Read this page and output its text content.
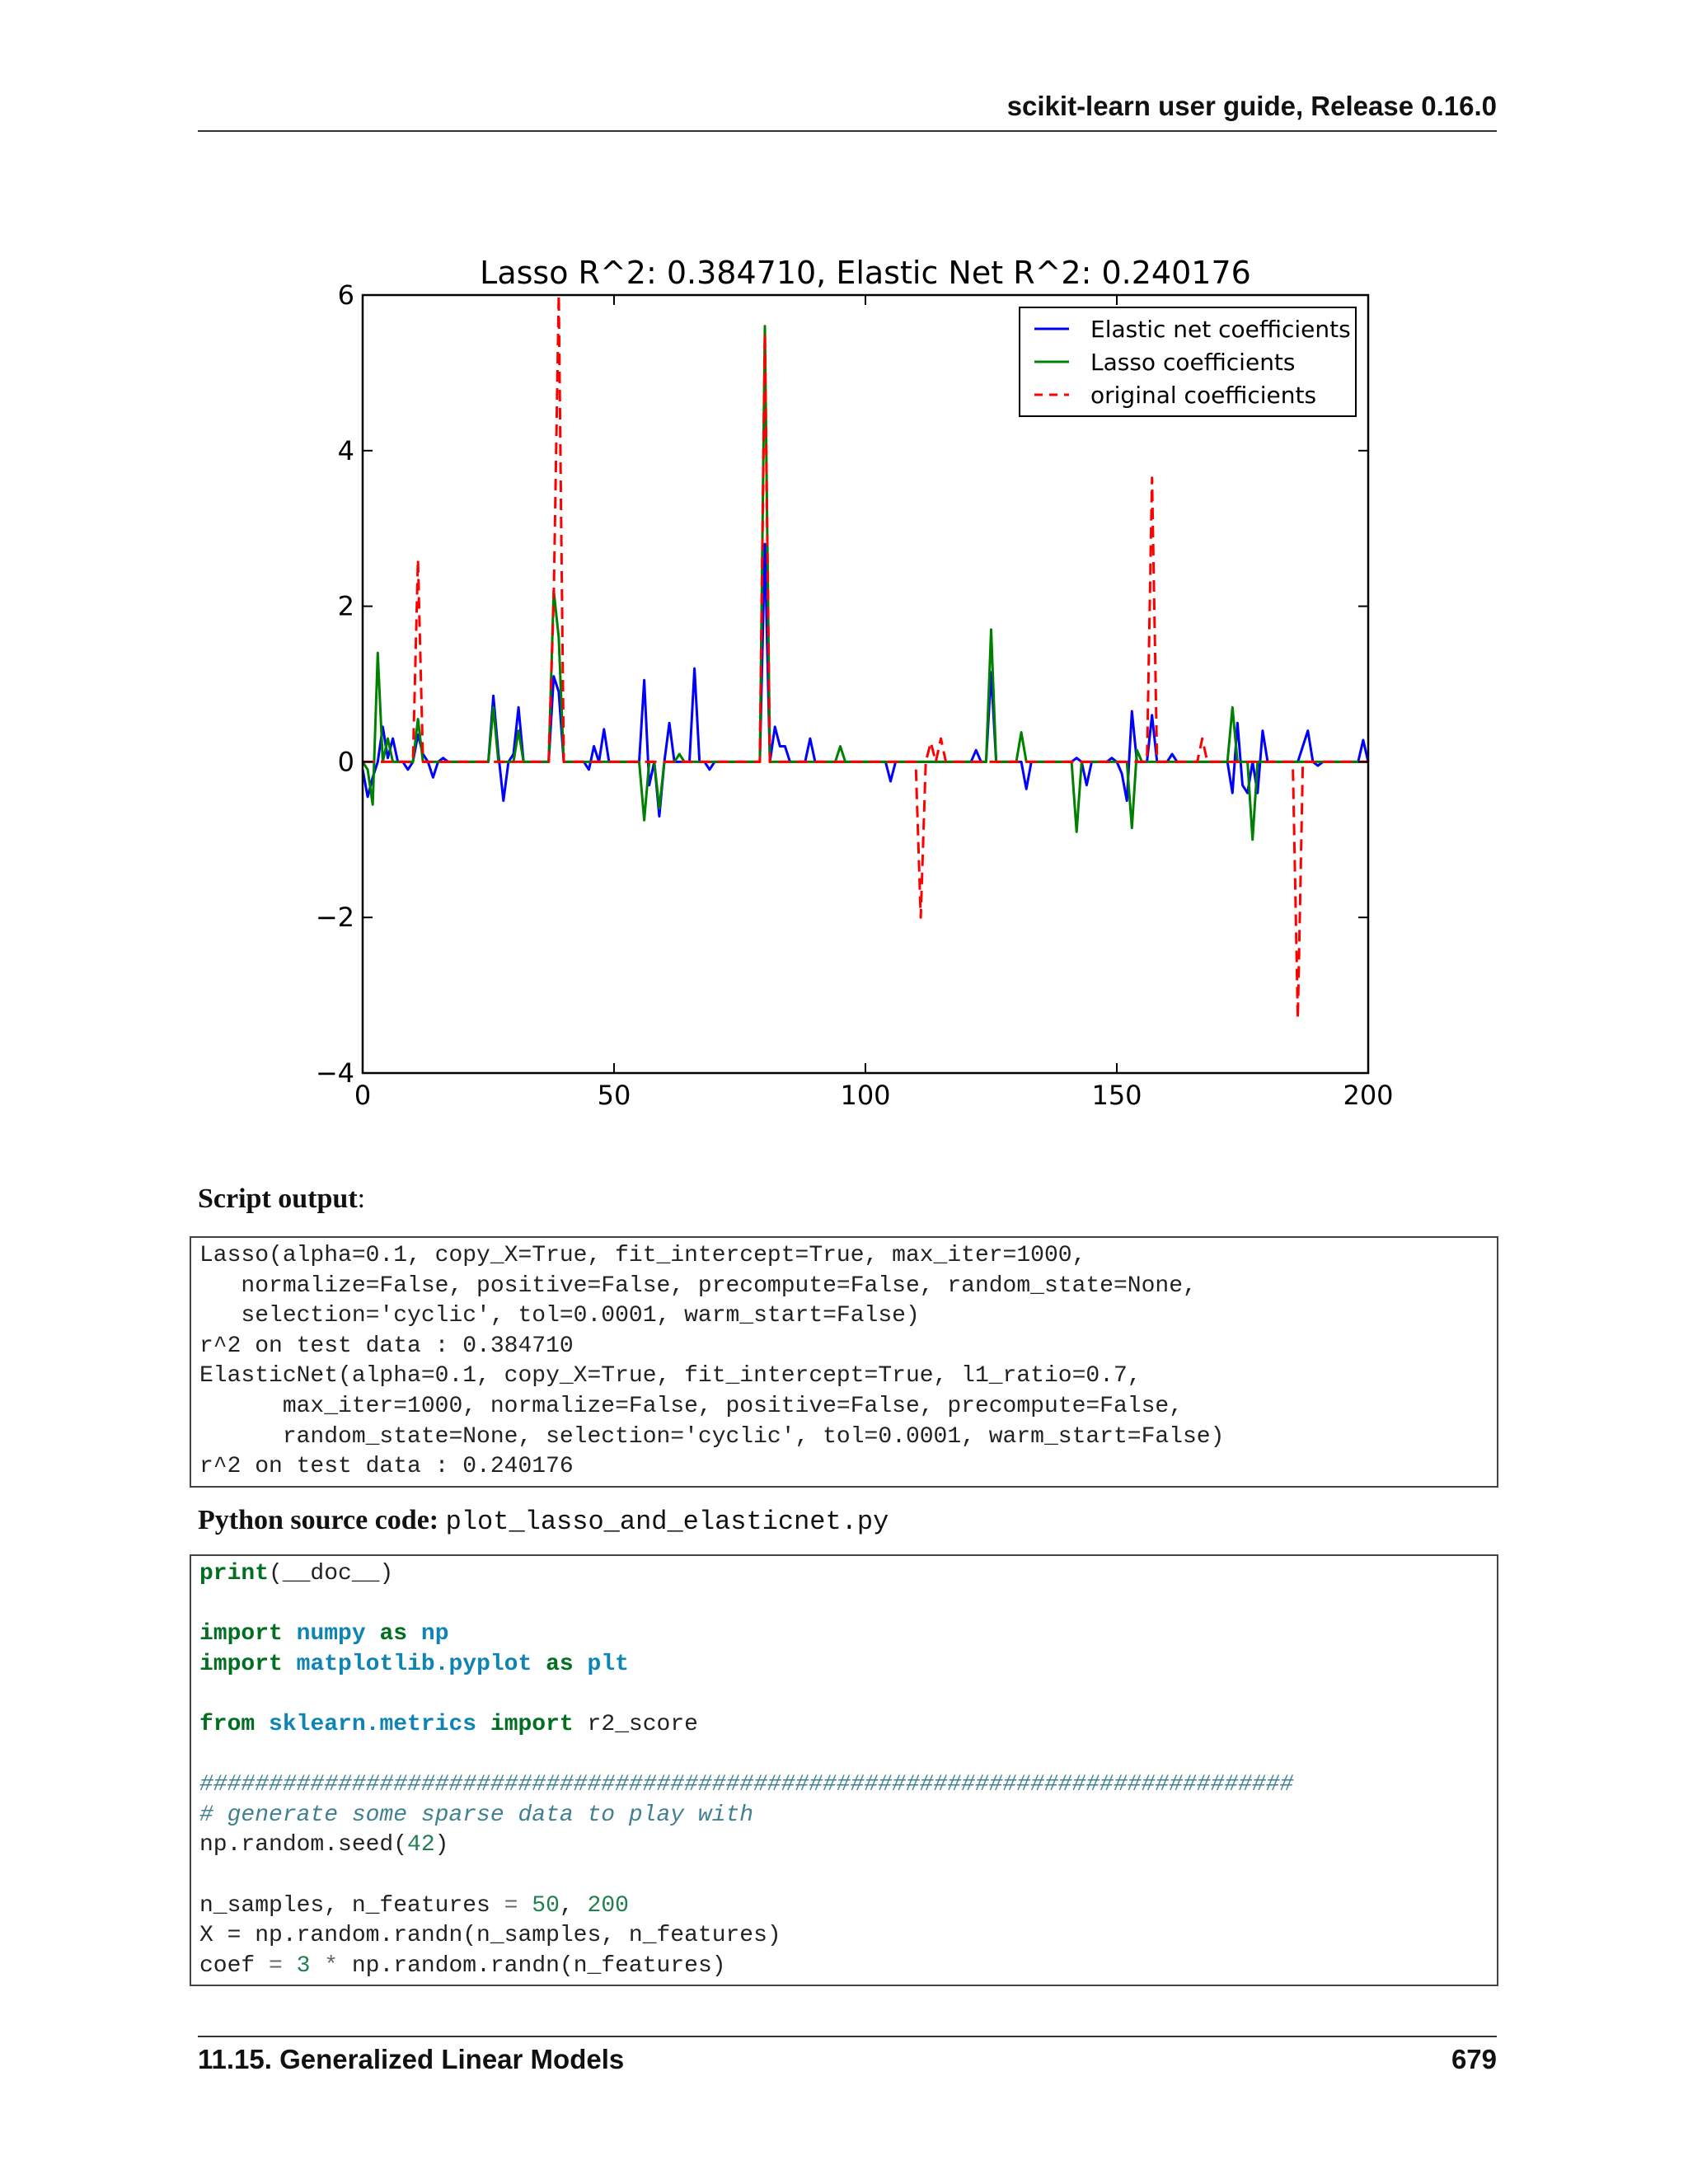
scikit-learn user guide, Release 0.16.0
Lasso R^2: 0.384710, Elastic Net R^2: 0.240176
0	50	100	150	200
−4
−2
0
2
4
6
Elastic net coefficients
Lasso coefficients
original coefficients
Script output:
Lasso(alpha=0.1, copy_X=True, fit_intercept=True, max_iter=1000,
normalize=False, positive=False, precompute=False, random_state=None,
selection='cyclic', tol=0.0001, warm_start=False)
r^2 on test data : 0.384710
ElasticNet(alpha=0.1, copy_X=True, fit_intercept=True, l1_ratio=0.7,
max_iter=1000, normalize=False, positive=False, precompute=False,
random_state=None, selection='cyclic', tol=0.0001, warm_start=False)
r^2 on test data : 0.240176
Python source code: plot_lasso_and_elasticnet.py
print(__doc__)

import numpy as np
import matplotlib.pyplot as plt

from sklearn.metrics import r2_score

###############################################################################
# generate some sparse data to play with
np.random.seed(42)

n_samples, n_features = 50, 200
X = np.random.randn(n_samples, n_features)
coef = 3 * np.random.randn(n_features)
11.15. Generalized Linear Models	679
